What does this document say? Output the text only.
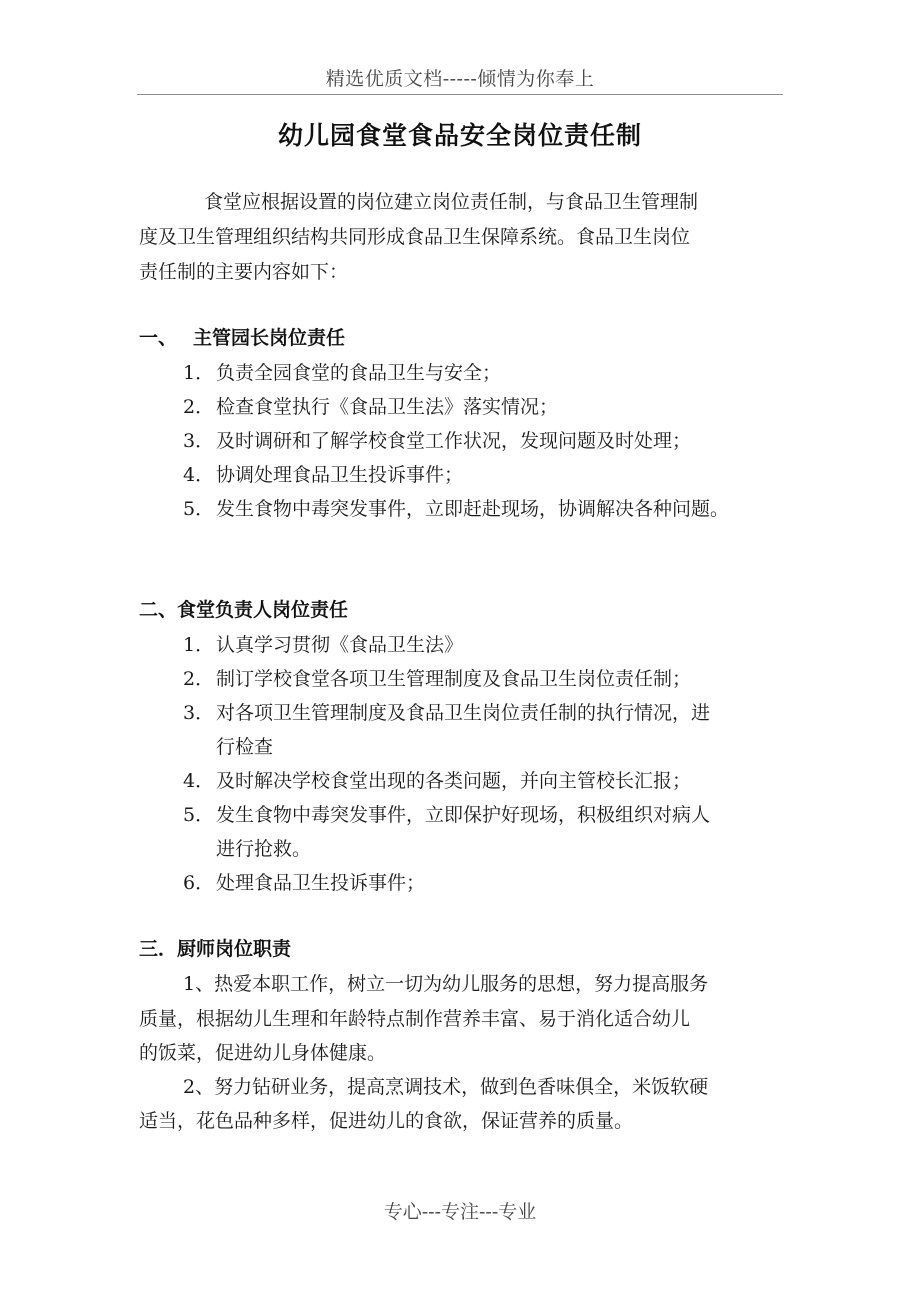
精选优质文档-----倾情为你奉上
幼儿园食堂食品安全岗位责任制
食堂应根据设置的岗位建立岗位责任制，与食品卫生管理制
度及卫生管理组织结构共同形成食品卫生保障系统。食品卫生岗位
责任制的主要内容如下：
一、 主管园长岗位责任
1． 负责全园食堂的食品卫生与安全；
2． 检查食堂执行《食品卫生法》落实情况；
3． 及时调研和了解学校食堂工作状况，发现问题及时处理；
4． 协调处理食品卫生投诉事件；
5． 发生食物中毒突发事件，立即赶赴现场，协调解决各种问题。
二、食堂负责人岗位责任
1． 认真学习贯彻《食品卫生法》
2． 制订学校食堂各项卫生管理制度及食品卫生岗位责任制；
3． 对各项卫生管理制度及食品卫生岗位责任制的执行情况，进
行检查
4． 及时解决学校食堂出现的各类问题，并向主管校长汇报；
5． 发生食物中毒突发事件，立即保护好现场，积极组织对病人
进行抢救。
6． 处理食品卫生投诉事件；
三．厨师岗位职责
1、热爱本职工作，树立一切为幼儿服务的思想，努力提高服务
质量，根据幼儿生理和年龄特点制作营养丰富、易于消化适合幼儿
的饭菜，促进幼儿身体健康。
2、努力钻研业务，提高烹调技术，做到色香味俱全，米饭软硬
适当，花色品种多样，促进幼儿的食欲，保证营养的质量。
专心---专注---专业
